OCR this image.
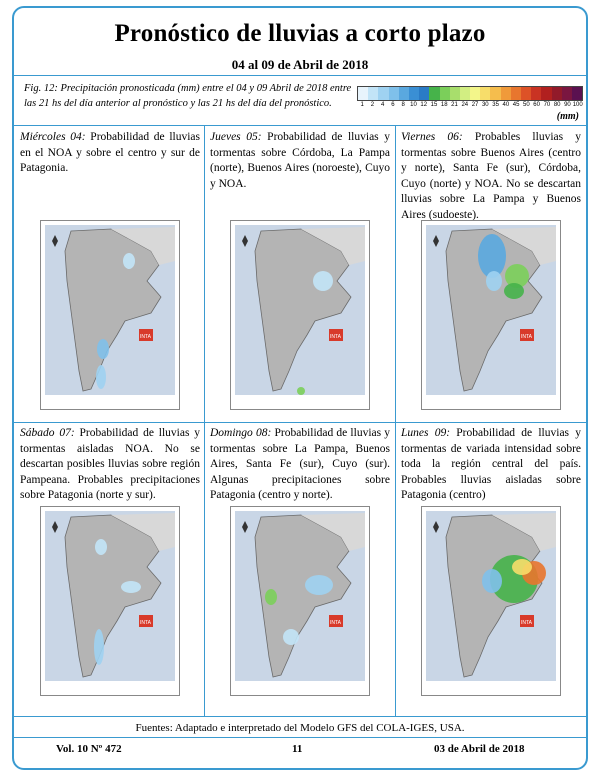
Pronóstico de lluvias a corto plazo
04 al 09 de Abril de 2018
Fig. 12: Precipitación pronosticada (mm) entre el 04 y 09 Abril de 2018 entre las 21 hs del día anterior al pronóstico y las 21 hs del día del pronóstico.	1	2	4	6	8 10 12 15 18 21 24 27 30 35 40 45 50 60 70 80 90 100
(mm)
Miércoles 04: Probabilidad de lluvias en el NOA y sobre el centro y sur de Patagonia.
INTA
Jueves 05: Probabilidad de lluvias y tormentas sobre Córdoba, La Pampa (norte), Buenos Aires (noroeste), Cuyo y NOA.
INTA
Viernes 06: Probables lluvias y tormentas sobre Buenos Aires (centro y norte), Santa Fe (sur), Córdoba, Cuyo (norte) y NOA. No se descartan lluvias sobre La Pampa y Buenos Aires (sudoeste).
INTA
Sábado 07: Probabilidad de lluvias y tormentas aisladas NOA. No se descartan posibles lluvias sobre región Pampeana. Probables precipitaciones sobre Patagonia (norte y sur).
INTA
Domingo 08: Probabilidad de lluvias y tormentas sobre La Pampa, Buenos Aires, Santa Fe (sur), Cuyo (sur). Algunas precipitaciones sobre Patagonia (centro y norte).
INTA
Lunes 09: Probabilidad de lluvias y tormentas de variada intensidad sobre toda la región central del país. Probables lluvias aisladas sobre Patagonia (centro)
INTA
Fuentes: Adaptado e interpretado del Modelo GFS del COLA-IGES, USA.
Vol. 10 Nº 472	11	03 de Abril de 2018
